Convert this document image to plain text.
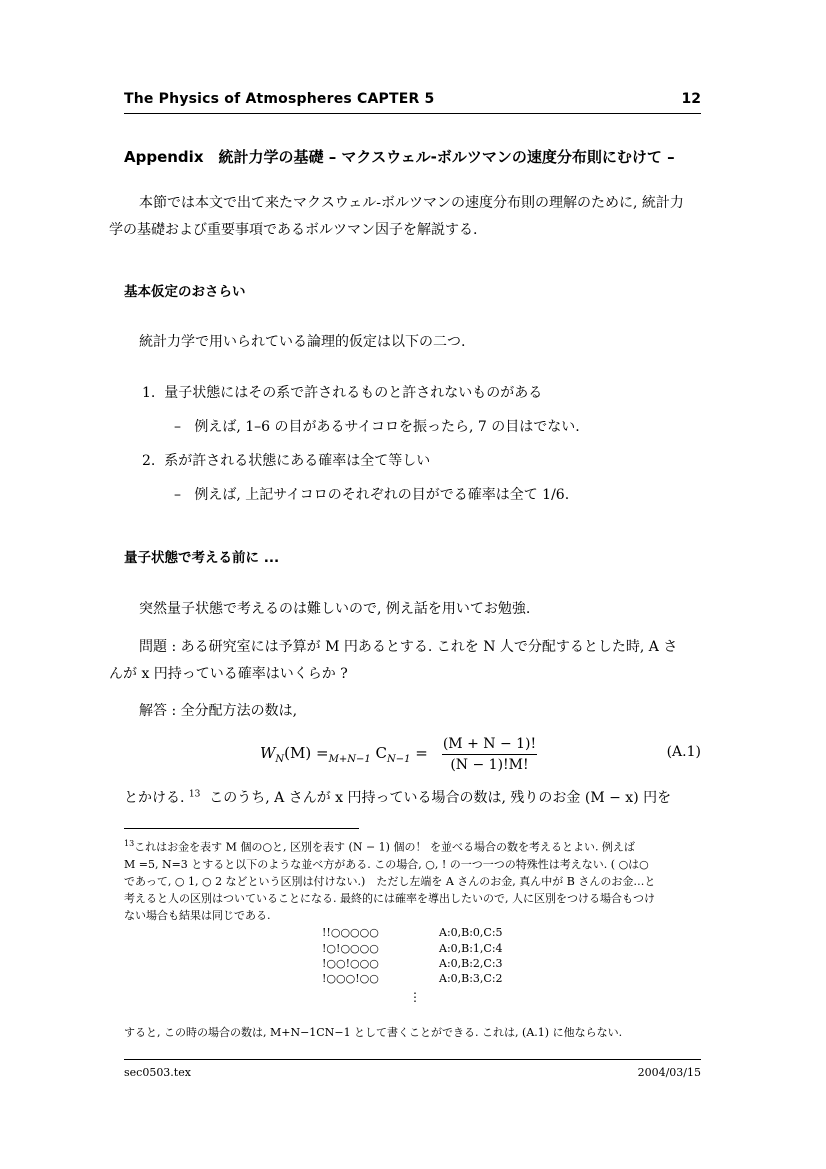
The Physics of Atmospheres CAPTER 5	12
Appendix　統計力学の基礎 – マクスウェル-ボルツマンの速度分布則にむけて –
本節では本文で出て来たマクスウェル-ボルツマンの速度分布則の理解のために, 統計力
学の基礎および重要事項であるボルツマン因子を解説する.
基本仮定のおさらい
統計力学で用いられている論理的仮定は以下の二つ.
1. 量子状態にはその系で許されるものと許されないものがある
– 例えば, 1–6 の目があるサイコロを振ったら, 7 の目はでない.
2. 系が許される状態にある確率は全て等しい
– 例えば, 上記サイコロのそれぞれの目がでる確率は全て 1/6.
量子状態で考える前に ...
突然量子状態で考えるのは難しいので, 例え話を用いてお勉強.
問題 : ある研究室には予算が M 円あるとする. これを N 人で分配するとした時, A さ
んが x 円持っている確率はいくらか ?
解答 : 全分配方法の数は,
$W_N(M) =_{M+N-1}$ $C_{N-1} = (M + N - 1)$!
(N − 1)!M!
(A.1)
とかける. $^{13}$ このうち, A さんが x 円持っている場合の数は, 残りのお金 (M − x) 円を
$^{13}$これはお金を表す M 個の○と, 区別を表す (N − 1) 個の！ を並べる場合の数を考えるとよい. 例えば
M =5, N=3 とすると以下のような並べ方がある. この場合, ○, ! の一つ一つの特殊性は考えない. ( ○は○
であって, ○ 1, ○ 2 などという区別は付けない.)　ただし左端を A さんのお金, 真ん中が B さんのお金…と
考えると人の区別はついていることになる. 最終的には確率を導出したいので, 人に区別をつける場合もつけ
ない場合も結果は同じである.
!!○○○○○	A:0,B:0,C:5
!○!○○○○	A:0,B:1,C:4
!○○!○○○	A:0,B:2,C:3
!○○○!○○	A:0,B:3,C:2
⋮
すると, この時の場合の数は, M+N−1CN−1 として書くことができる. これは, (A.1) に他ならない.
sec0503.tex	2004/03/15
